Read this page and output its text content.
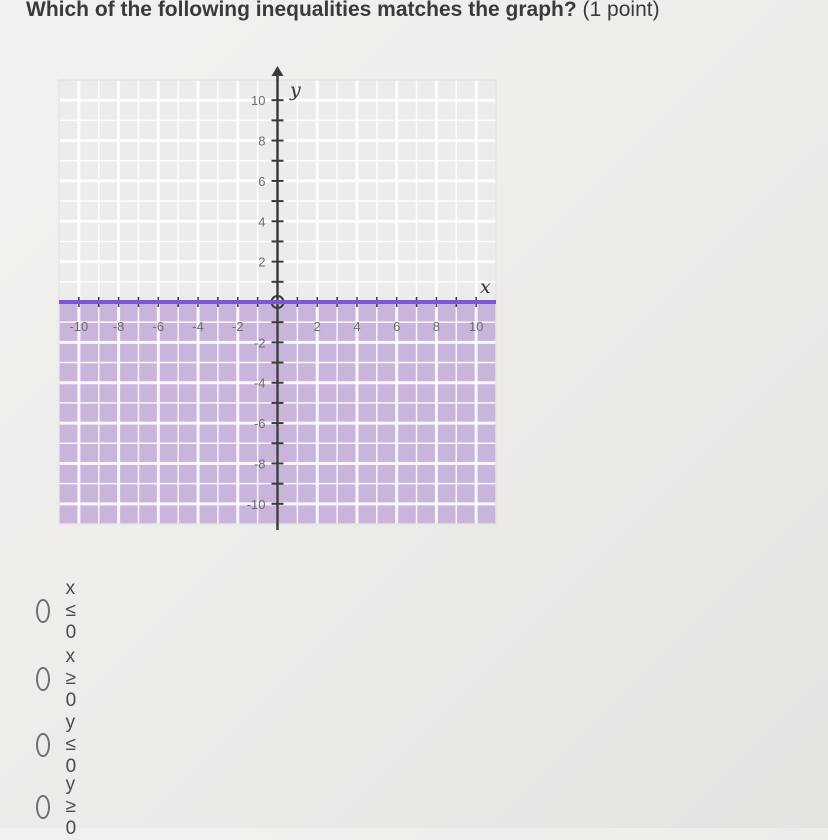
Which of the following inequalities matches the graph? (1 point)
-10 -8 -6 -4 -2	2 4 6 8 10
10
8
6
4
2
-2
-4
-6
-8
-10
x
y
x ≤ 0
x ≥ 0
y ≤ 0
y ≥ 0
